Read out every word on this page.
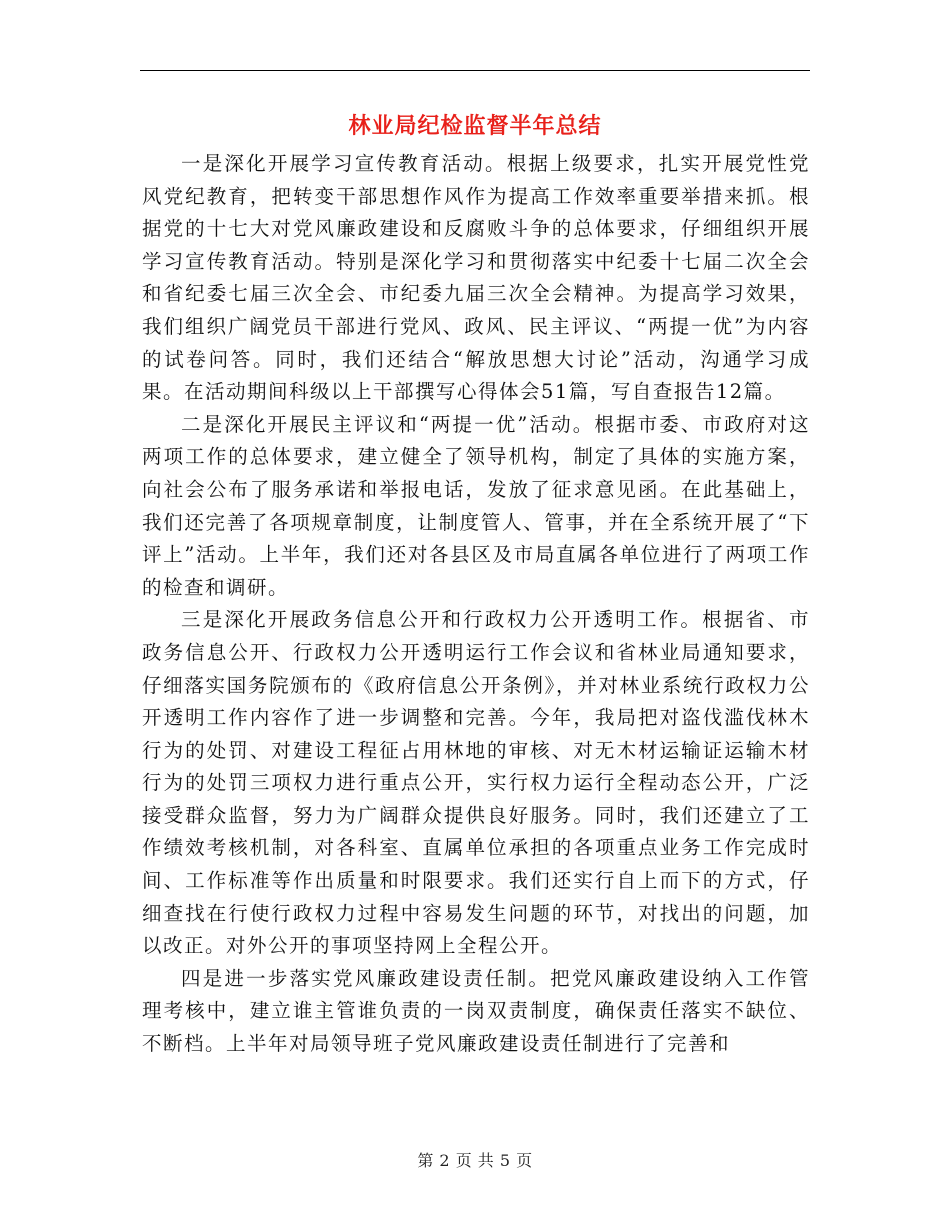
林业局纪检监督半年总结

一是深化开展学习宣传教育活动。根据上级要求，扎实开展党性党风党纪教育，把转变干部思想作风作为提高工作效率重要举措来抓。根据党的十七大对党风廉政建设和反腐败斗争的总体要求，仔细组织开展学习宣传教育活动。特别是深化学习和贯彻落实中纪委十七届二次全会和省纪委七届三次全会、市纪委九届三次全会精神。为提高学习效果，我们组织广阔党员干部进行党风、政风、民主评议、“两提一优”为内容的试卷问答。同时，我们还结合“解放思想大讨论”活动，沟通学习成果。在活动期间科级以上干部撰写心得体会51篇，写自查报告12篇。

二是深化开展民主评议和“两提一优”活动。根据市委、市政府对这两项工作的总体要求，建立健全了领导机构，制定了具体的实施方案，向社会公布了服务承诺和举报电话，发放了征求意见函。在此基础上，我们还完善了各项规章制度，让制度管人、管事，并在全系统开展了“下评上”活动。上半年，我们还对各县区及市局直属各单位进行了两项工作的检查和调研。

三是深化开展政务信息公开和行政权力公开透明工作。根据省、市政务信息公开、行政权力公开透明运行工作会议和省林业局通知要求，仔细落实国务院颁布的《政府信息公开条例》，并对林业系统行政权力公开透明工作内容作了进一步调整和完善。今年，我局把对盗伐滥伐林木行为的处罚、对建设工程征占用林地的审核、对无木材运输证运输木材行为的处罚三项权力进行重点公开，实行权力运行全程动态公开，广泛接受群众监督，努力为广阔群众提供良好服务。同时，我们还建立了工作绩效考核机制，对各科室、直属单位承担的各项重点业务工作完成时间、工作标准等作出质量和时限要求。我们还实行自上而下的方式，仔细查找在行使行政权力过程中容易发生问题的环节，对找出的问题，加以改正。对外公开的事项坚持网上全程公开。

四是进一步落实党风廉政建设责任制。把党风廉政建设纳入工作管理考核中，建立谁主管谁负责的一岗双责制度，确保责任落实不缺位、不断档。上半年对局领导班子党风廉政建设责任制进行了完善和

第 2 页 共 5 页
